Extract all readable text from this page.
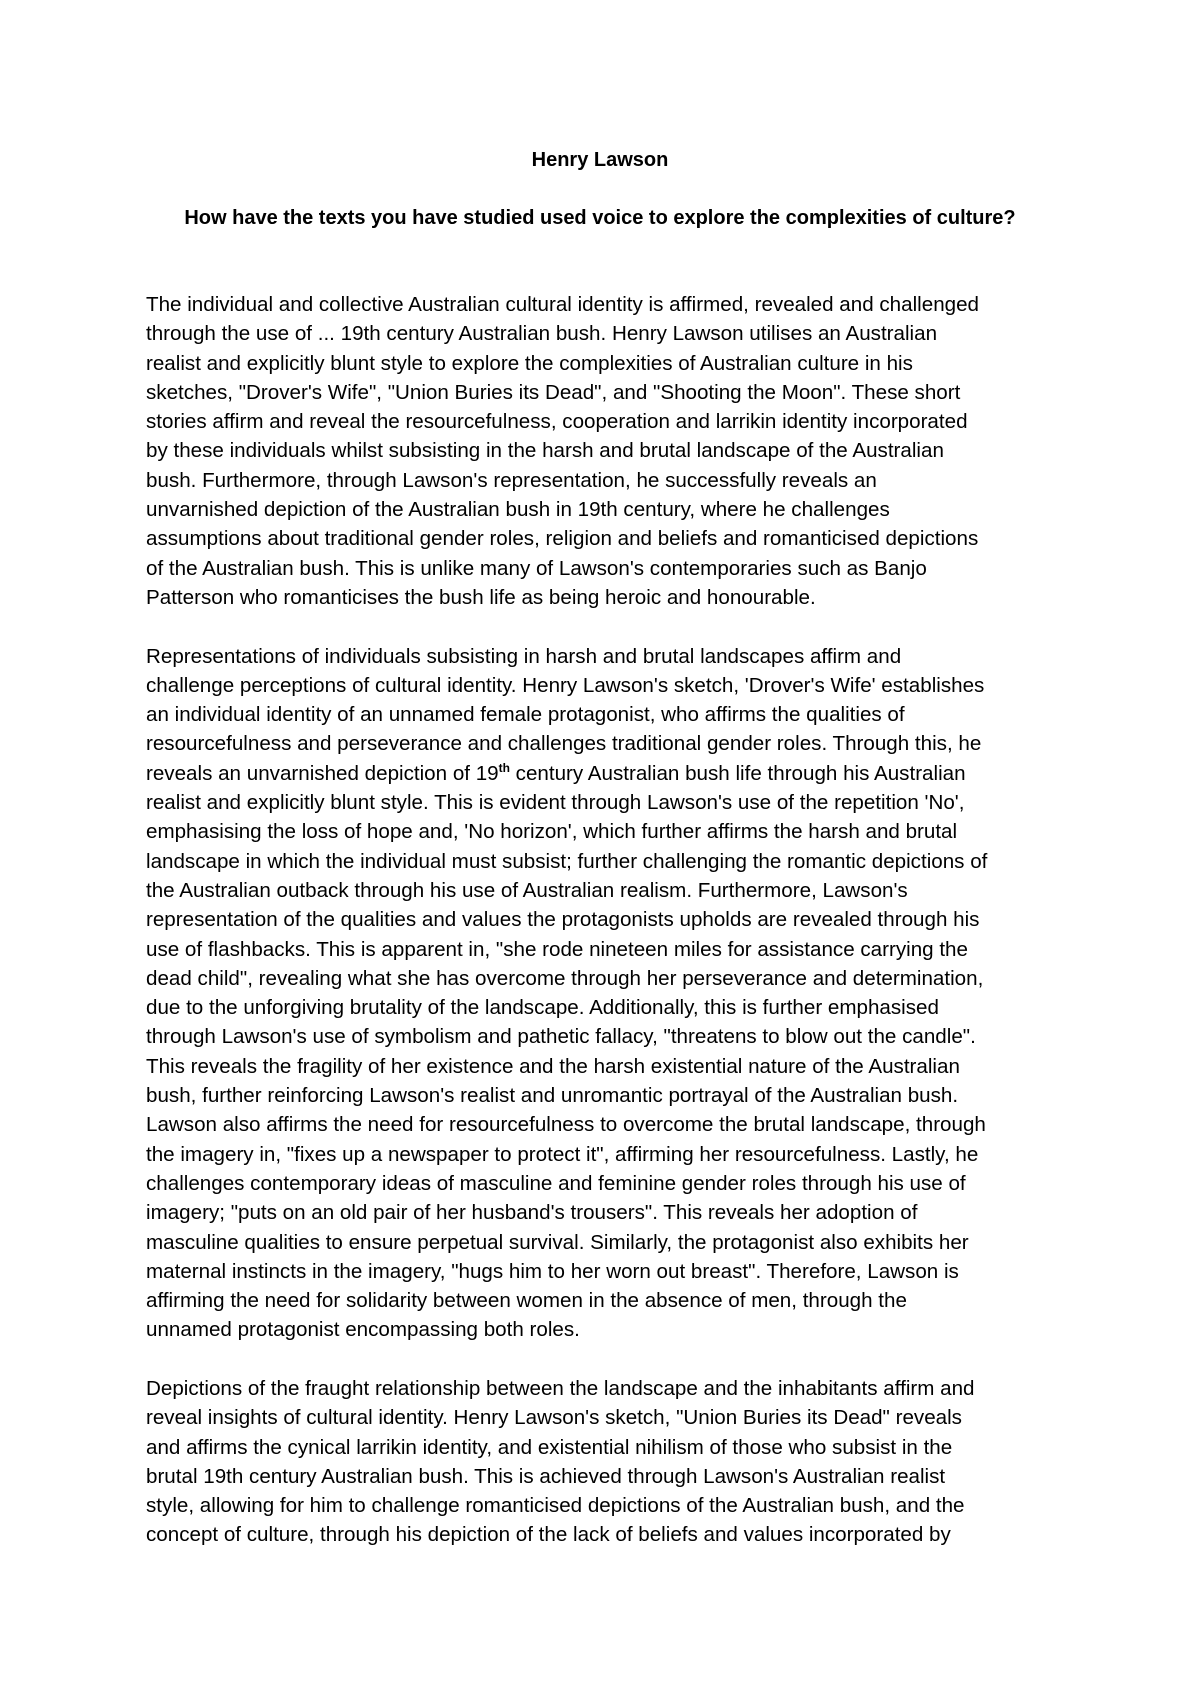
Henry Lawson
How have the texts you have studied used voice to explore the complexities of culture?

The individual and collective Australian cultural identity is affirmed, revealed and challenged
through the use of ... 19th century Australian bush. Henry Lawson utilises an Australian
realist and explicitly blunt style to explore the complexities of Australian culture in his
sketches, "Drover's Wife", "Union Buries its Dead", and "Shooting the Moon". These short
stories affirm and reveal the resourcefulness, cooperation and larrikin identity incorporated
by these individuals whilst subsisting in the harsh and brutal landscape of the Australian
bush. Furthermore, through Lawson's representation, he successfully reveals an
unvarnished depiction of the Australian bush in 19th century, where he challenges
assumptions about traditional gender roles, religion and beliefs and romanticised depictions
of the Australian bush. This is unlike many of Lawson's contemporaries such as Banjo
Patterson who romanticises the bush life as being heroic and honourable.

Representations of individuals subsisting in harsh and brutal landscapes affirm and
challenge perceptions of cultural identity. Henry Lawson's sketch, 'Drover's Wife' establishes
an individual identity of an unnamed female protagonist, who affirms the qualities of
resourcefulness and perseverance and challenges traditional gender roles. Through this, he
reveals an unvarnished depiction of 19th century Australian bush life through his Australian
realist and explicitly blunt style. This is evident through Lawson's use of the repetition 'No',
emphasising the loss of hope and, 'No horizon', which further affirms the harsh and brutal
landscape in which the individual must subsist; further challenging the romantic depictions of
the Australian outback through his use of Australian realism. Furthermore, Lawson's
representation of the qualities and values the protagonists upholds are revealed through his
use of flashbacks. This is apparent in, "she rode nineteen miles for assistance carrying the
dead child", revealing what she has overcome through her perseverance and determination,
due to the unforgiving brutality of the landscape. Additionally, this is further emphasised
through Lawson's use of symbolism and pathetic fallacy, "threatens to blow out the candle".
This reveals the fragility of her existence and the harsh existential nature of the Australian
bush, further reinforcing Lawson's realist and unromantic portrayal of the Australian bush.
Lawson also affirms the need for resourcefulness to overcome the brutal landscape, through
the imagery in, "fixes up a newspaper to protect it", affirming her resourcefulness. Lastly, he
challenges contemporary ideas of masculine and feminine gender roles through his use of
imagery; "puts on an old pair of her husband's trousers". This reveals her adoption of
masculine qualities to ensure perpetual survival. Similarly, the protagonist also exhibits her
maternal instincts in the imagery, "hugs him to her worn out breast". Therefore, Lawson is
affirming the need for solidarity between women in the absence of men, through the
unnamed protagonist encompassing both roles.

Depictions of the fraught relationship between the landscape and the inhabitants affirm and
reveal insights of cultural identity. Henry Lawson's sketch, "Union Buries its Dead" reveals
and affirms the cynical larrikin identity, and existential nihilism of those who subsist in the
brutal 19th century Australian bush. This is achieved through Lawson's Australian realist
style, allowing for him to challenge romanticised depictions of the Australian bush, and the
concept of culture, through his depiction of the lack of beliefs and values incorporated by
